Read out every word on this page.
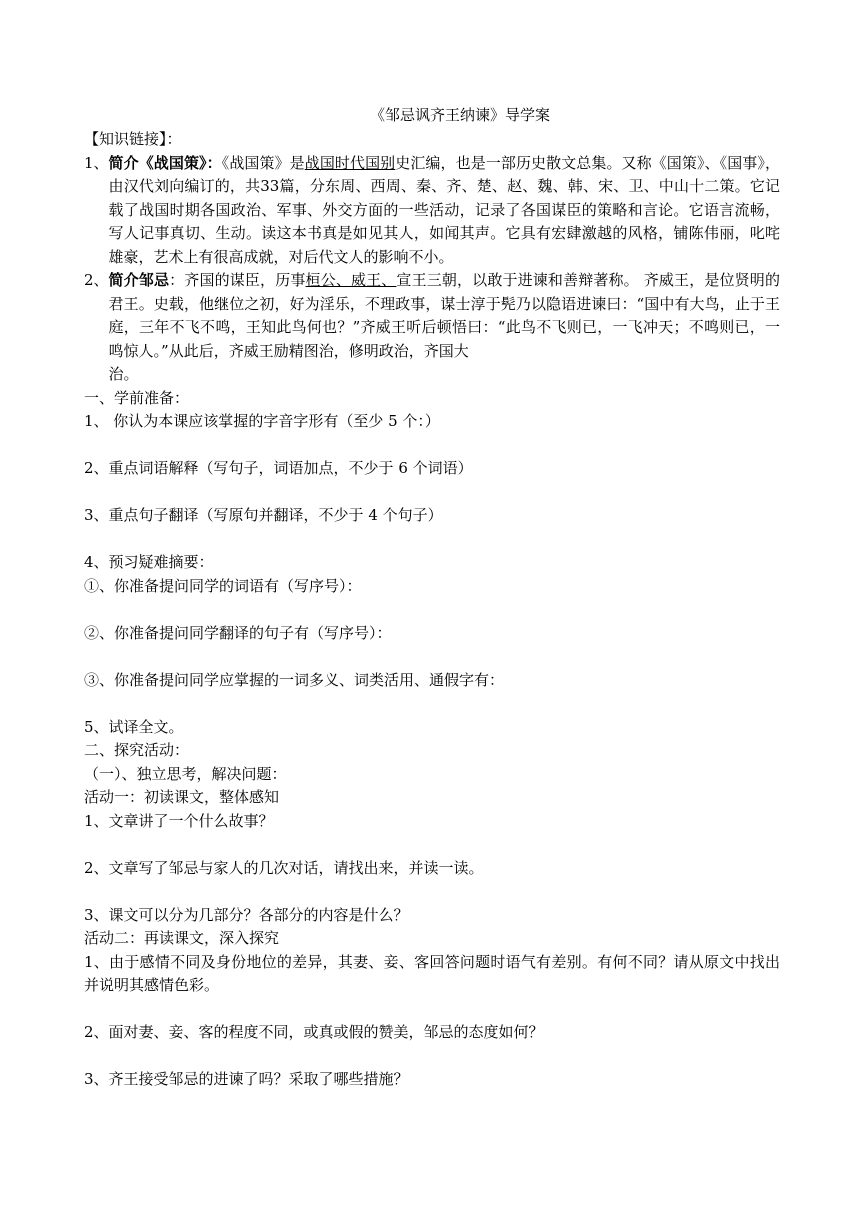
《邹忌讽齐王纳谏》导学案
【知识链接】：
1、 简介《战国策》：《战国策》是战国时代国别史汇编，也是一部历史散文总集。又称《国策》、《国事》，由汉代刘向编订的，共33篇，分东周、西周、秦、齐、楚、赵、魏、韩、宋、卫、中山十二策。它记载了战国时期各国政治、军事、外交方面的一些活动，记录了各国谋臣的策略和言论。它语言流畅，写人记事真切、生动。读这本书真是如见其人，如闻其声。它具有宏肆激越的风格，铺陈伟丽，叱咤雄豪，艺术上有很高成就，对后代文人的影响不小。
2、 简介邹忌：齐国的谋臣，历事桓公、威王、宣王三朝，以敢于进谏和善辩著称。 齐威王，是位贤明的君王。史载，他继位之初，好为淫乐，不理政事，谋士淳于髡乃以隐语进谏曰：“国中有大鸟，止于王庭，三年不飞不鸣，王知此鸟何也？”齐威王听后顿悟曰：“此鸟不飞则已，一飞冲天；不鸣则已，一鸣惊人。”从此后，齐威王励精图治，修明政治，齐国大
治。
一、学前准备：
1、 你认为本课应该掌握的字音字形有（至少 5 个：）
2、重点词语解释（写句子，词语加点，不少于 6 个词语）
3、重点句子翻译（写原句并翻译，不少于 4 个句子）
4、预习疑难摘要：
①、你准备提问同学的词语有（写序号）：
②、你准备提问同学翻译的句子有（写序号）：
③、你准备提问同学应掌握的一词多义、词类活用、通假字有：
5、试译全文。
二、探究活动：
（一）、独立思考，解决问题：
活动一：初读课文，整体感知
1、文章讲了一个什么故事？
2、文章写了邹忌与家人的几次对话，请找出来，并读一读。
3、课文可以分为几部分？各部分的内容是什么？
活动二：再读课文，深入探究
1、由于感情不同及身份地位的差异，其妻、妾、客回答问题时语气有差别。有何不同？请从原文中找出并说明其感情色彩。
2、面对妻、妾、客的程度不同，或真或假的赞美，邹忌的态度如何？
3、齐王接受邹忌的进谏了吗？采取了哪些措施？
